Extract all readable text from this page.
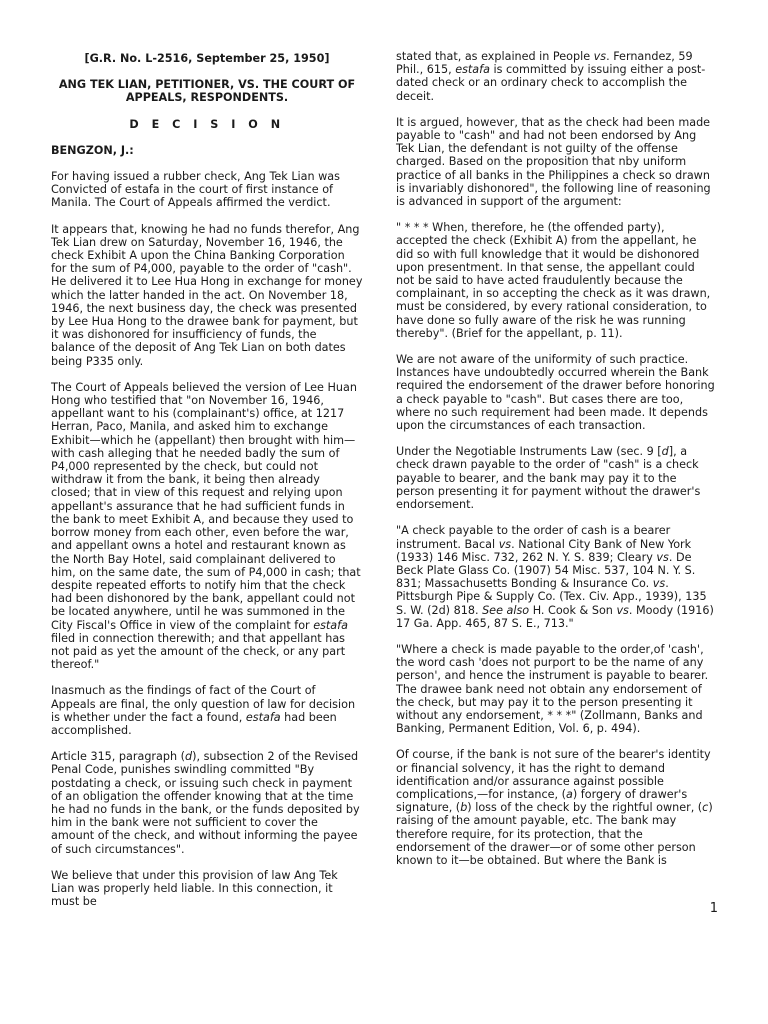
[G.R. No. L-2516, September 25, 1950]

ANG TEK LIAN, PETITIONER, VS. THE COURT OF APPEALS, RESPONDENTS.

D E C I S I O N

BENGZON, J.:

For having issued a rubber check, Ang Tek Lian was Convicted of estafa in the court of first instance of Manila. The Court of Appeals affirmed the verdict.

It appears that, knowing he had no funds therefor, Ang Tek Lian drew on Saturday, November 16, 1946, the check Exhibit A upon the China Banking Corporation for the sum of P4,000, payable to the order of "cash". He delivered it to Lee Hua Hong in exchange for money which the latter handed in the act. On November 18, 1946, the next business day, the check was presented by Lee Hua Hong to the drawee bank for payment, but it was dishonored for insufficiency of funds, the balance of the deposit of Ang Tek Lian on both dates being P335 only.

The Court of Appeals believed the version of Lee Huan Hong who testified that "on November 16, 1946, appellant want to his (complainant's) office, at 1217 Herran, Paco, Manila, and asked him to exchange Exhibit—which he (appellant) then brought with him—with cash alleging that he needed badly the sum of P4,000 represented by the check, but could not withdraw it from the bank, it being then already closed; that in view of this request and relying upon appellant's assurance that he had sufficient funds in the bank to meet Exhibit A, and because they used to borrow money from each other, even before the war, and appellant owns a hotel and restaurant known as the North Bay Hotel, said complainant delivered to him, on the same date, the sum of P4,000 in cash; that despite repeated efforts to notify him that the check had been dishonored by the bank, appellant could not be located anywhere, until he was summoned in the City Fiscal's Office in view of the complaint for estafa filed in connection therewith; and that appellant has not paid as yet the amount of the check, or any part thereof."

Inasmuch as the findings of fact of the Court of Appeals are final, the only question of law for decision is whether under the fact a found, estafa had been accomplished.

Article 315, paragraph (d), subsection 2 of the Revised Penal Code, punishes swindling committed "By postdating a check, or issuing such check in payment of an obligation the offender knowing that at the time he had no funds in the bank, or the funds deposited by him in the bank were not sufficient to cover the amount of the check, and without informing the payee of such circumstances".

We believe that under this provision of law Ang Tek Lian was properly held liable. In this connection, it must be

stated that, as explained in People vs. Fernandez, 59 Phil., 615, estafa is committed by issuing either a post-dated check or an ordinary check to accomplish the deceit.

It is argued, however, that as the check had been made payable to "cash" and had not been endorsed by Ang Tek Lian, the defendant is not guilty of the offense charged. Based on the proposition that nby uniform practice of all banks in the Philippines a check so drawn is invariably dishonored", the following line of reasoning is advanced in support of the argument:

" * * * When, therefore, he (the offended party), accepted the check (Exhibit A) from the appellant, he did so with full knowledge that it would be dishonored upon presentment. In that sense, the appellant could not be said to have acted fraudulently because the complainant, in so accepting the check as it was drawn, must be considered, by every rational consideration, to have done so fully aware of the risk he was running thereby". (Brief for the appellant, p. 11).

We are not aware of the uniformity of such practice. Instances have undoubtedly occurred wherein the Bank required the endorsement of the drawer before honoring a check payable to "cash". But cases there are too, where no such requirement had been made. It depends upon the circumstances of each transaction.

Under the Negotiable Instruments Law (sec. 9 [d], a check drawn payable to the order of "cash" is a check payable to bearer, and the bank may pay it to the person presenting it for payment without the drawer's endorsement.

"A check payable to the order of cash is a bearer instrument. Bacal vs. National City Bank of New York (1933) 146 Misc. 732, 262 N. Y. S. 839; Cleary vs. De Beck Plate Glass Co. (1907) 54 Misc. 537, 104 N. Y. S. 831; Massachusetts Bonding & Insurance Co. vs. Pittsburgh Pipe & Supply Co. (Tex. Civ. App., 1939), 135 S. W. (2d) 818. See also H. Cook & Son vs. Moody (1916) 17 Ga. App. 465, 87 S. E., 713."

"Where a check is made payable to the order,of 'cash', the word cash 'does not purport to be the name of any person', and hence the instrument is payable to bearer. The drawee bank need not obtain any endorsement of the check, but may pay it to the person presenting it without any endorsement, * * *" (Zollmann, Banks and Banking, Permanent Edition, Vol. 6, p. 494).

Of course, if the bank is not sure of the bearer's identity or financial solvency, it has the right to demand identification and/or assurance against possible complications,—for instance, (a) forgery of drawer's signature, (b) loss of the check by the rightful owner, (c) raising of the amount payable, etc. The bank may therefore require, for its protection, that the endorsement of the drawer—or of some other person known to it—be obtained. But where the Bank is

1
